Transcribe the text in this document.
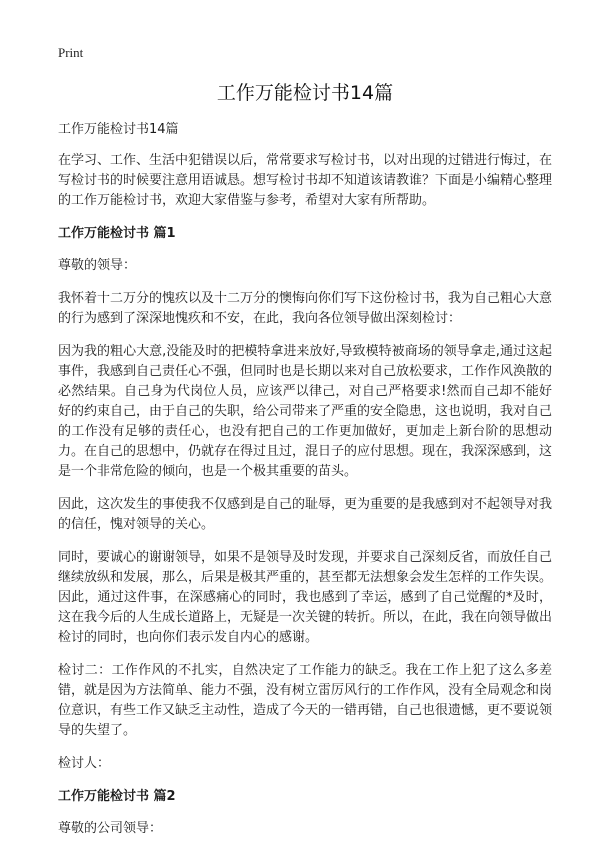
Print
工作万能检讨书14篇

工作万能检讨书14篇

在学习、工作、生活中犯错误以后，常常要求写检讨书，以对出现的过错进行悔过，在写检讨书的时候要注意用语诚恳。想写检讨书却不知道该请教谁？下面是小编精心整理的工作万能检讨书，欢迎大家借鉴与参考，希望对大家有所帮助。

工作万能检讨书 篇1

尊敬的领导：

我怀着十二万分的愧疚以及十二万分的懊悔向你们写下这份检讨书，我为自己粗心大意的行为感到了深深地愧疚和不安，在此，我向各位领导做出深刻检讨：

因为我的粗心大意,没能及时的把模特拿进来放好,导致模特被商场的领导拿走,通过这起事件，我感到自己责任心不强，但同时也是长期以来对自己放松要求，工作作风涣散的必然结果。自己身为代岗位人员，应该严以律己，对自己严格要求!然而自己却不能好好的约束自己，由于自己的失职，给公司带来了严重的安全隐患，这也说明，我对自己的工作没有足够的责任心，也没有把自己的工作更加做好，更加走上新台阶的思想动力。在自己的思想中，仍就存在得过且过，混日子的应付思想。现在，我深深感到，这是一个非常危险的倾向，也是一个极其重要的苗头。

因此，这次发生的事使我不仅感到是自己的耻辱，更为重要的是我感到对不起领导对我的信任，愧对领导的关心。

同时，要诚心的谢谢领导，如果不是领导及时发现，并要求自己深刻反省，而放任自己继续放纵和发展，那么，后果是极其严重的，甚至都无法想象会发生怎样的工作失误。因此，通过这件事，在深感痛心的同时，我也感到了幸运，感到了自己觉醒的*及时，这在我今后的人生成长道路上，无疑是一次关键的转折。所以，在此，我在向领导做出检讨的同时，也向你们表示发自内心的感谢。

检讨二：工作作风的不扎实，自然决定了工作能力的缺乏。我在工作上犯了这么多差错，就是因为方法简单、能力不强，没有树立雷厉风行的工作作风，没有全局观念和岗位意识，有些工作又缺乏主动性，造成了今天的一错再错，自己也很遗憾，更不要说领导的失望了。

检讨人：

工作万能检讨书 篇2

尊敬的公司领导：
